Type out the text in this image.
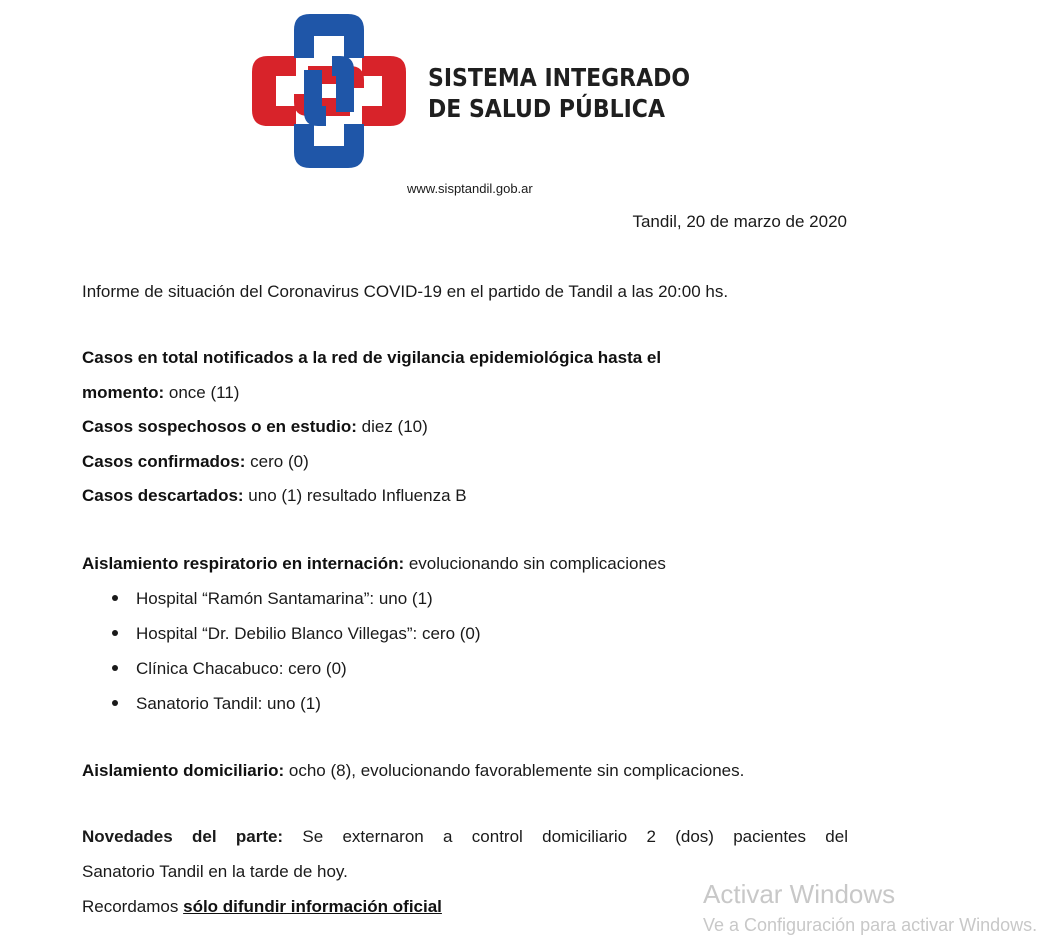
SISTEMA INTEGRADO
DE SALUD PÚBLICA
www.sisptandil.gob.ar
Tandil, 20 de marzo de 2020
Informe de situación del Coronavirus COVID-19 en el partido de Tandil a las 20:00 hs.
Casos en total notificados a la red de vigilancia epidemiológica hasta el
momento: once (11)
Casos sospechosos o en estudio: diez (10)
Casos confirmados: cero (0)
Casos descartados: uno (1) resultado Influenza B
Aislamiento respiratorio en internación: evolucionando sin complicaciones
Hospital “Ramón Santamarina”: uno (1)
Hospital “Dr. Debilio Blanco Villegas”: cero (0)
Clínica Chacabuco: cero (0)
Sanatorio Tandil: uno (1)
Aislamiento domiciliario: ocho (8), evolucionando favorablemente sin complicaciones.
Novedades del parte: Se externaron a control domiciliario 2 (dos) pacientes del
Sanatorio Tandil en la tarde de hoy.
Recordamos sólo difundir información oficial	Activar Windows
Ve a Configuración para activar Windows.
